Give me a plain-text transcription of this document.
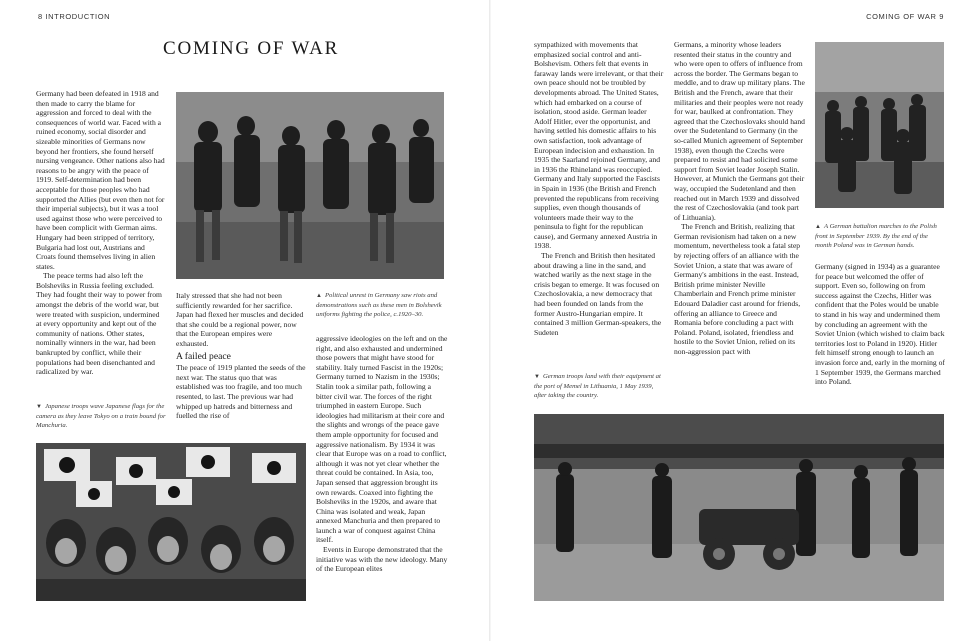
8 INTRODUCTION	COMING OF WAR 9
COMING OF WAR

Germany had been defeated in 1918 and then made to carry the blame for aggression and forced to deal with the consequences of world war. Faced with a ruined economy, social disorder and sizeable minorities of Germans now beyond her frontiers, she found herself nursing vengeance. Other nations also had reasons to be angry with the peace of 1919. Self-determination had been acceptable for those peoples who had supported the Allies (but even then not for their imperial subjects), but it was a tool used against those who were perceived to have been complicit with German aims. Hungary had been stripped of territory, Bulgaria had lost out, Austrians and Croats found themselves living in alien states.

The peace terms had also left the Bolsheviks in Russia feeling excluded. They had fought their way to power from amongst the debris of the world war, but were treated with suspicion, undermined at every opportunity and kept out of the community of nations. Other states, nominally winners in the war, had been bankrupted by conflict, while their populations had been disenchanted and radicalized by war.

Italy stressed that she had not been sufficiently rewarded for her sacrifice. Japan had flexed her muscles and decided that she could be a regional power, now that the European empires were exhausted.

A failed peace

The peace of 1919 planted the seeds of the next war. The status quo that was established was too fragile, and too much resented, to last. The previous war had whipped up hatreds and bitterness and fuelled the rise of

▲ Political unrest in Germany saw riots and demonstrations such as these men in Bolshevik uniforms fighting the police, c.1920–30.

aggressive ideologies on the left and on the right, and also exhausted and undermined those powers that might have stood for stability. Italy turned Fascist in the 1920s; Germany turned to Nazism in the 1930s; Stalin took a similar path, following a bitter civil war. The forces of the right triumphed in eastern Europe. Such ideologies had militarism at their core and the slights and wrongs of the peace gave them ample opportunity for focused and aggressive nationalism. By 1934 it was clear that Europe was on a road to conflict, although it was not yet clear whether the threat could be contained. In Asia, too, Japan sensed that aggression brought its own rewards. Coaxed into fighting the Bolsheviks in the 1920s, and aware that China was isolated and weak, Japan annexed Manchuria and then prepared to launch a war of conquest against China itself.

Events in Europe demonstrated that the initiative was with the new ideology. Many of the European elites

▼ Japanese troops wave Japanese flags for the camera as they leave Tokyo on a train bound for Manchuria.

sympathized with movements that emphasized social control and anti-Bolshevism. Others felt that events in faraway lands were irrelevant, or that their own peace should not be troubled by developments abroad. The United States, which had embarked on a course of isolation, stood aside. German leader Adolf Hitler, ever the opportunist, and having settled his domestic affairs to his own satisfaction, took advantage of European indecision and exhaustion. In 1935 the Saarland rejoined Germany, and in 1936 the Rhineland was reoccupied. Germany and Italy supported the Fascists in Spain in 1936 (the British and French prevented the republicans from receiving supplies, even though thousands of volunteers made their way to the peninsula to fight for the republican cause), and Germany annexed Austria in 1938.

The French and British then hesitated about drawing a line in the sand, and watched warily as the next stage in the crisis began to emerge. It was focused on Czechoslovakia, a new democracy that had been founded on lands from the former Austro-Hungarian empire. It contained 3 million German-speakers, the Sudeten

▼ German troops land with their equipment at the port of Memel in Lithuania, 1 May 1939, after taking the country.

Germans, a minority whose leaders resented their status in the country and who were open to offers of influence from across the border. The Germans began to meddle, and to draw up military plans. The British and the French, aware that their militaries and their peoples were not ready for war, baulked at confrontation. They agreed that the Czechoslovaks should hand over the Sudetenland to Germany (in the so-called Munich agreement of September 1938), even though the Czechs were prepared to resist and had solicited some support from Soviet leader Joseph Stalin. However, at Munich the Germans got their way, occupied the Sudetenland and then reached out in March 1939 and dissolved the rest of Czechoslovakia (and took part of Lithuania).

The French and British, realizing that German revisionism had taken on a new momentum, nevertheless took a fatal step by rejecting offers of an alliance with the Soviet Union, a state that was aware of Germany's ambitions in the east. Instead, British prime minister Neville Chamberlain and French prime minister Edouard Daladier cast around for friends, offering an alliance to Greece and Romania before concluding a pact with Poland. Poland, isolated, friendless and hostile to the Soviet Union, relied on its non-aggression pact with

▲ A German battalion marches to the Polish front in September 1939. By the end of the month Poland was in German hands.

Germany (signed in 1934) as a guarantee for peace but welcomed the offer of support. Even so, following on from success against the Czechs, Hitler was confident that the Poles would be unable to stand in his way and undermined them by concluding an agreement with the Soviet Union (which wished to claim back territories lost to Poland in 1920). Hitler felt himself strong enough to launch an invasion force and, early in the morning of 1 September 1939, the Germans marched into Poland.
